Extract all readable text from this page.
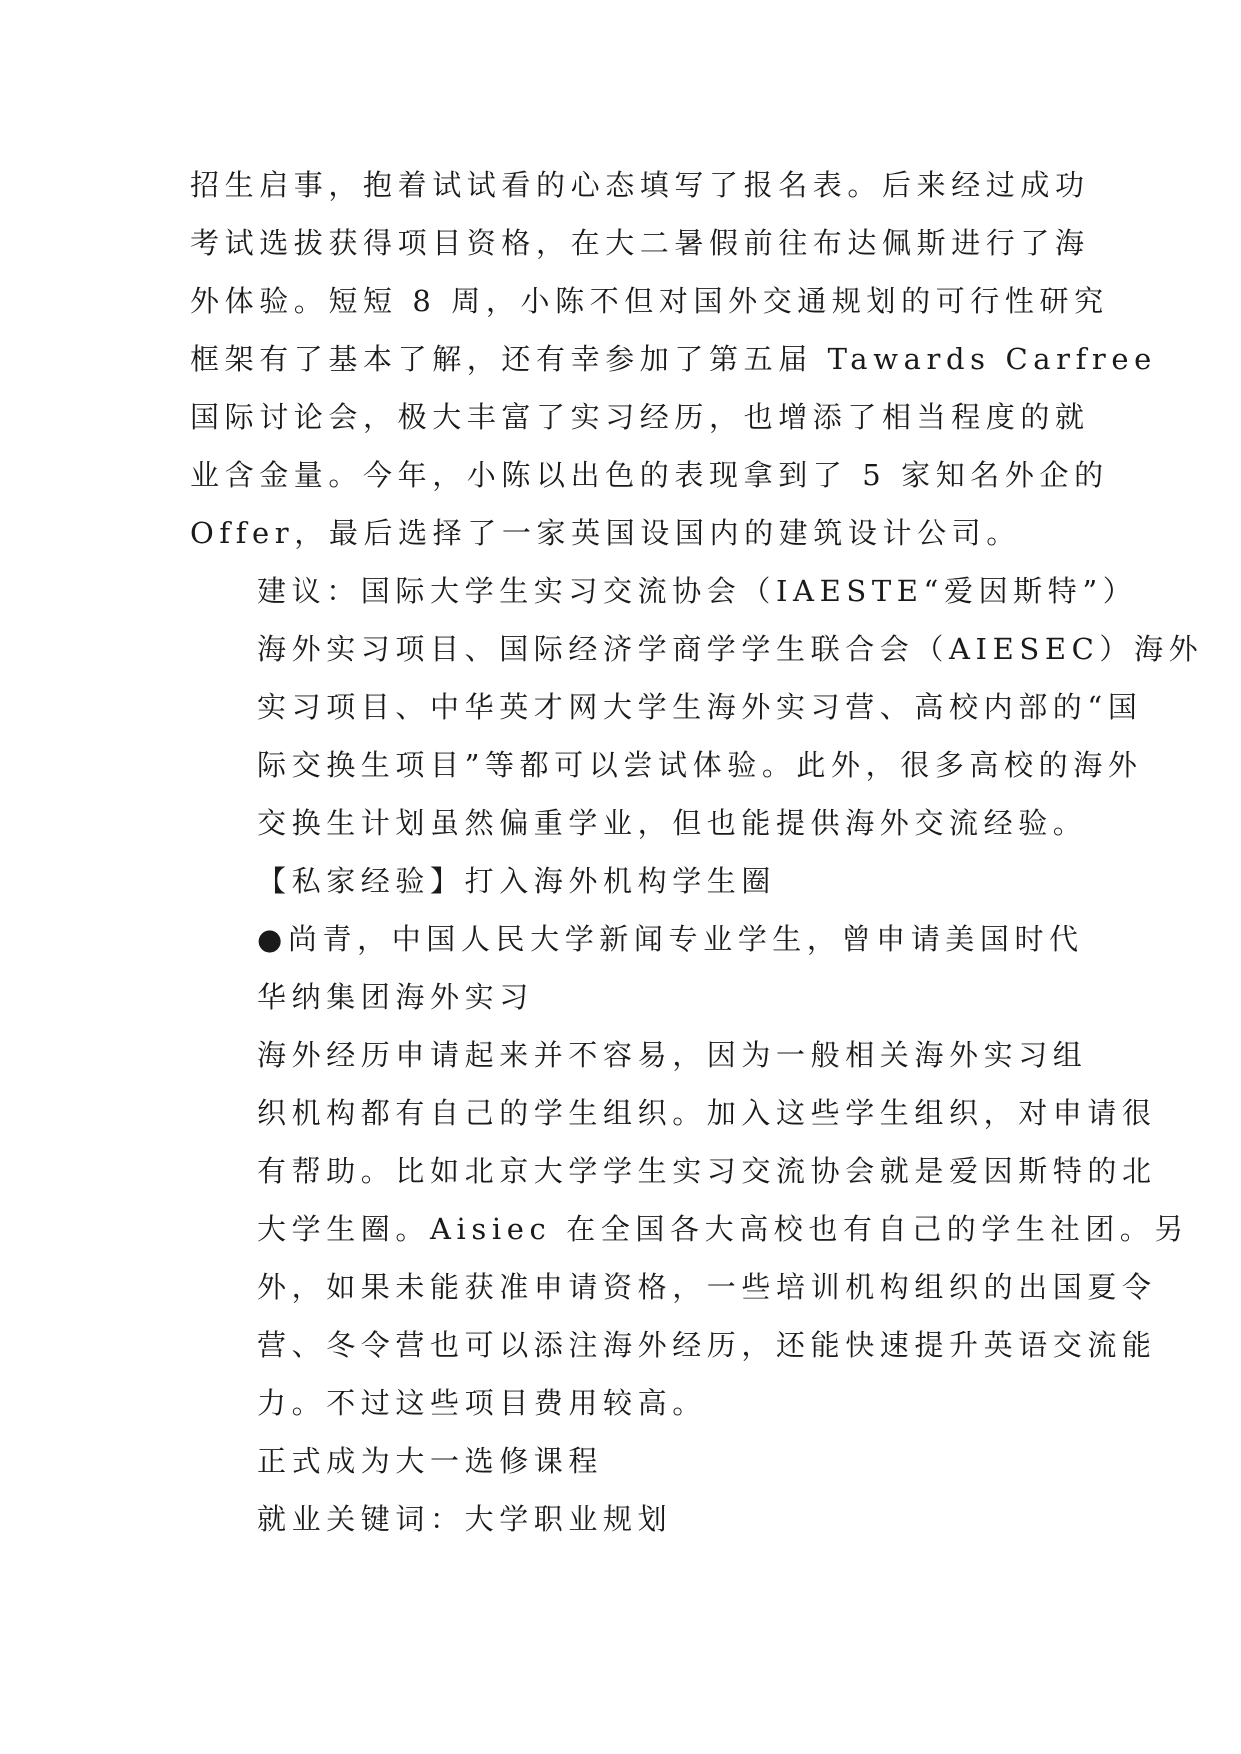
招生启事，抱着试试看的心态填写了报名表。后来经过成功
考试选拔获得项目资格，在大二暑假前往布达佩斯进行了海
外体验。短短 8 周，小陈不但对国外交通规划的可行性研究
框架有了基本了解，还有幸参加了第五届 Tawards Carfree
国际讨论会，极大丰富了实习经历，也增添了相当程度的就
业含金量。今年，小陈以出色的表现拿到了 5 家知名外企的
Offer，最后选择了一家英国设国内的建筑设计公司。

建议：国际大学生实习交流协会（IAESTE“爱因斯特”）
海外实习项目、国际经济学商学学生联合会（AIESEC）海外
实习项目、中华英才网大学生海外实习营、高校内部的“国
际交换生项目”等都可以尝试体验。此外，很多高校的海外
交换生计划虽然偏重学业，但也能提供海外交流经验。

【私家经验】打入海外机构学生圈

●尚青，中国人民大学新闻专业学生，曾申请美国时代
华纳集团海外实习

海外经历申请起来并不容易，因为一般相关海外实习组
织机构都有自己的学生组织。加入这些学生组织，对申请很
有帮助。比如北京大学学生实习交流协会就是爱因斯特的北
大学生圈。Aisiec 在全国各大高校也有自己的学生社团。另
外，如果未能获准申请资格，一些培训机构组织的出国夏令
营、冬令营也可以添注海外经历，还能快速提升英语交流能
力。不过这些项目费用较高。

正式成为大一选修课程

就业关键词：大学职业规划
